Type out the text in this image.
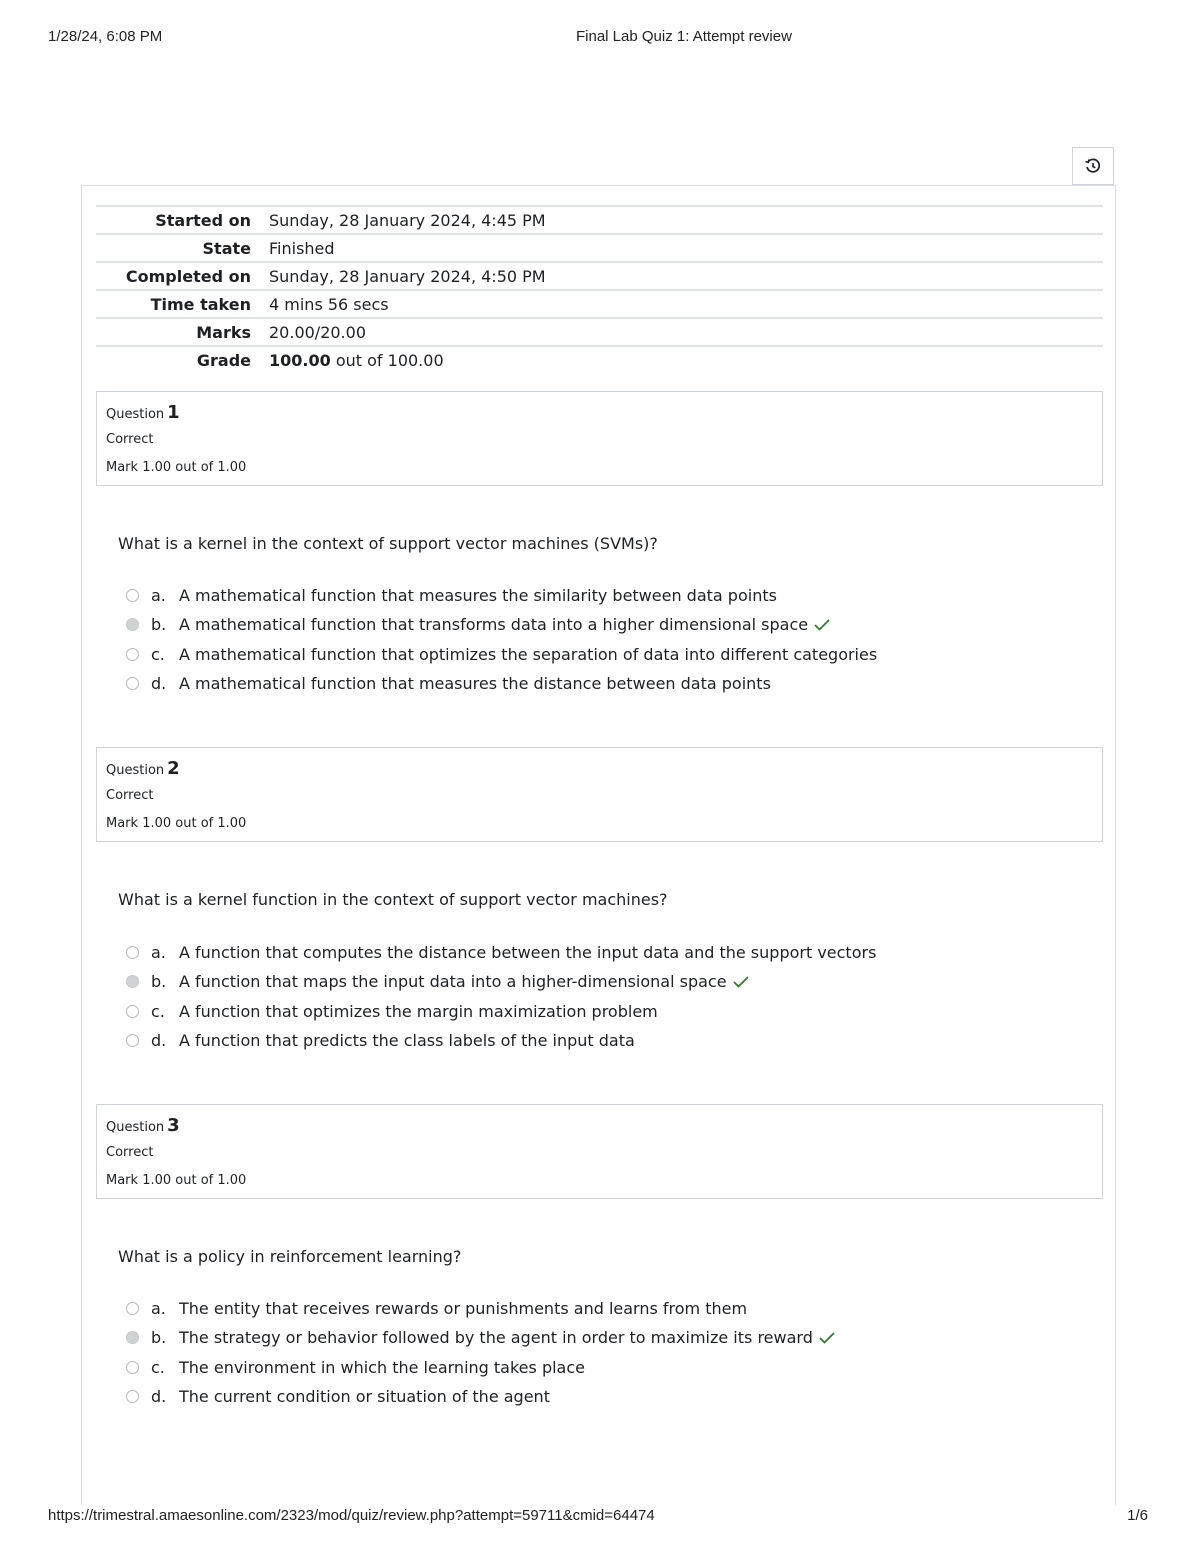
1/28/24, 6:08 PM	Final Lab Quiz 1: Attempt review
Started on	Sunday, 28 January 2024, 4:45 PM
State	Finished
Completed on	Sunday, 28 January 2024, 4:50 PM
Time taken	4 mins 56 secs
Marks	20.00/20.00
Grade	100.00 out of 100.00
Question 1
Correct
Mark 1.00 out of 1.00
What is a kernel in the context of support vector machines (SVMs)?
a. A mathematical function that measures the similarity between data points
b. A mathematical function that transforms data into a higher dimensional space
c. A mathematical function that optimizes the separation of data into different categories
d. A mathematical function that measures the distance between data points
Question 2
Correct
Mark 1.00 out of 1.00
What is a kernel function in the context of support vector machines?
a. A function that computes the distance between the input data and the support vectors
b. A function that maps the input data into a higher-dimensional space
c. A function that optimizes the margin maximization problem
d. A function that predicts the class labels of the input data
Question 3
Correct
Mark 1.00 out of 1.00
What is a policy in reinforcement learning?
a. The entity that receives rewards or punishments and learns from them
b. The strategy or behavior followed by the agent in order to maximize its reward
c. The environment in which the learning takes place
d. The current condition or situation of the agent
https://trimestral.amaesonline.com/2323/mod/quiz/review.php?attempt=59711&cmid=64474	1/6
